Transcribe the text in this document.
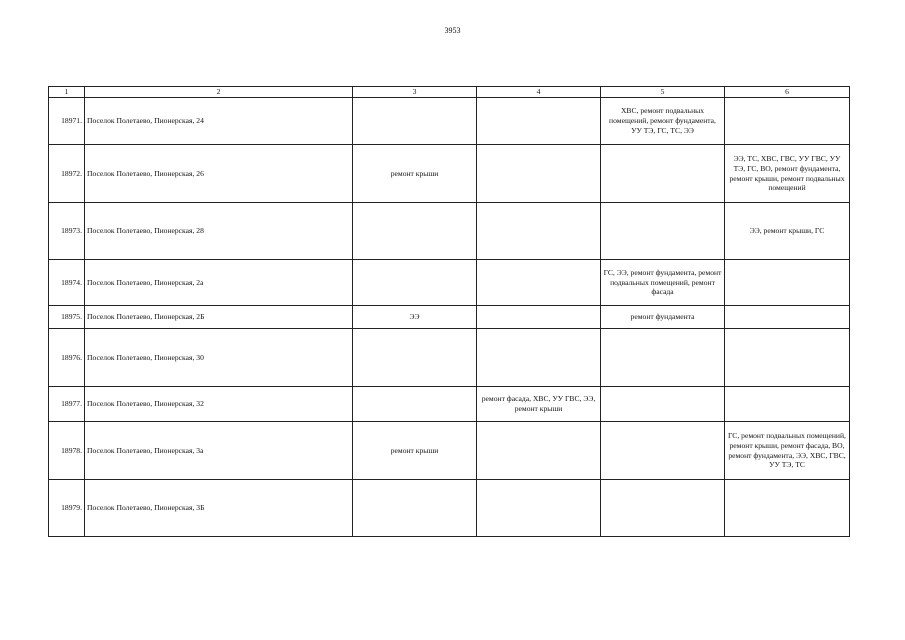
3953
1	2	3	4	5	6
18971.	Поселок Полетаево, Пионерская, 24			ХВС, ремонт подвальных помещений, ремонт фундамента, УУ ТЭ, ГС, ТС, ЭЭ	
18972.	Поселок Полетаево, Пионерская, 26	ремонт крыши			ЭЭ, ТС, ХВС, ГВС, УУ ГВС, УУ ТЭ, ГС, ВО, ремонт фундамента, ремонт крыши, ремонт подвальных помещений
18973.	Поселок Полетаево, Пионерская, 28				ЭЭ, ремонт крыши, ГС
18974.	Поселок Полетаево, Пионерская, 2а			ГС, ЭЭ, ремонт фундамента, ремонт подвальных помещений, ремонт фасада	
18975.	Поселок Полетаево, Пионерская, 2Б	ЭЭ		ремонт фундамента	
18976.	Поселок Полетаево, Пионерская, 30				
18977.	Поселок Полетаево, Пионерская, 32		ремонт фасада, ХВС, УУ ГВС, ЭЭ, ремонт крыши		
18978.	Поселок Полетаево, Пионерская, 3а	ремонт крыши			ГС, ремонт подвальных помещений, ремонт крыши, ремонт фасада, ВО, ремонт фундамента, ЭЭ, ХВС, ГВС, УУ ТЭ, ТС
18979.	Поселок Полетаево, Пионерская, 3Б				
